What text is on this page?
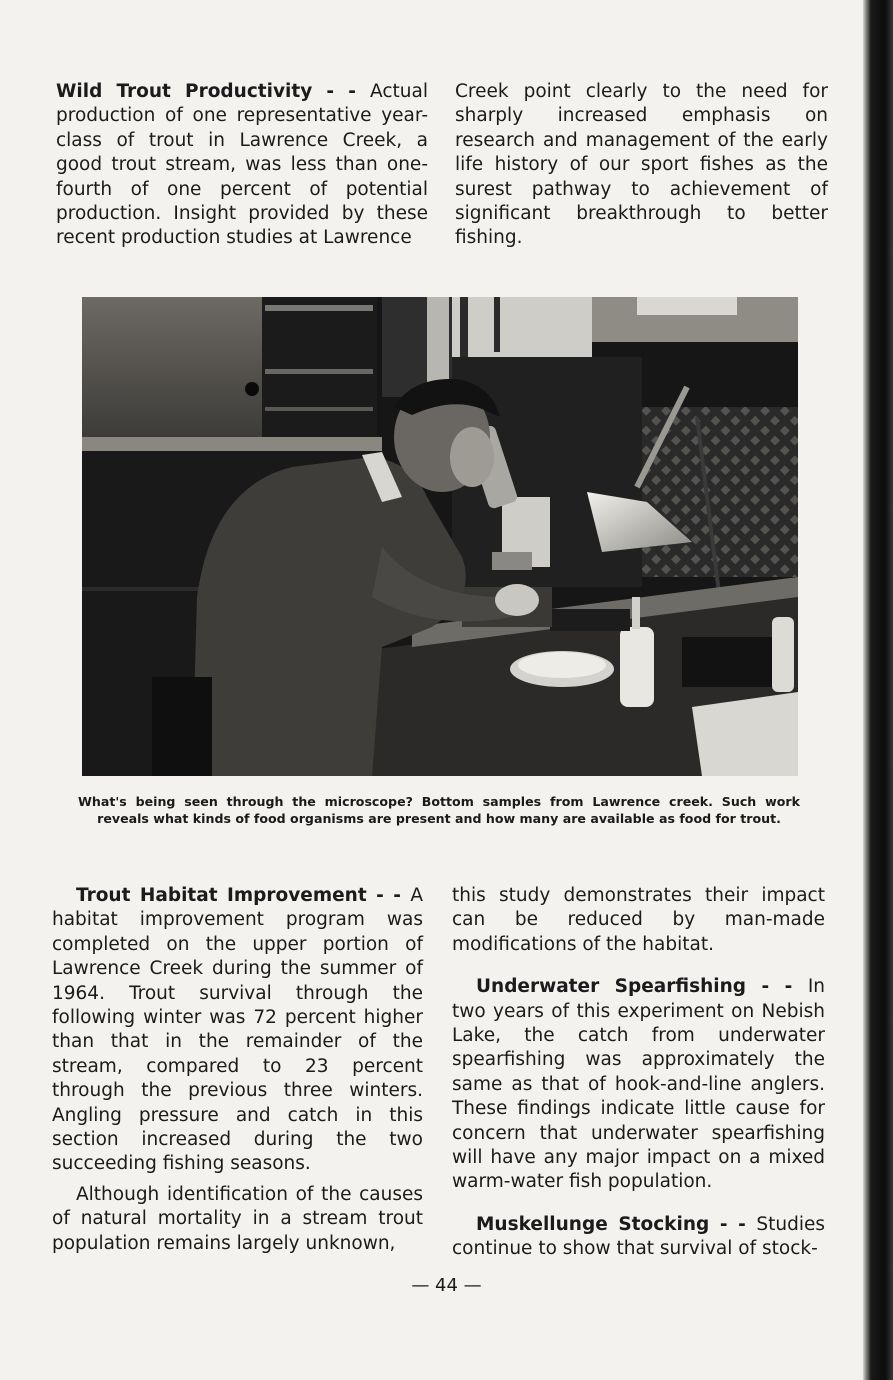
Wild Trout Productivity - - Actual production of one representative year-class of trout in Lawrence Creek, a good trout stream, was less than one-fourth of one percent of potential production. Insight provided by these recent production studies at Lawrence

Creek point clearly to the need for sharply increased emphasis on research and management of the early life history of our sport fishes as the surest pathway to achievement of significant breakthrough to better fishing.

What's being seen through the microscope? Bottom samples from Lawrence creek. Such work reveals what kinds of food organisms are present and how many are available as food for trout.

Trout Habitat Improvement - - A habitat improvement program was completed on the upper portion of Lawrence Creek during the summer of 1964. Trout survival through the following winter was 72 percent higher than that in the remainder of the stream, compared to 23 percent through the previous three winters. Angling pressure and catch in this section increased during the two succeeding fishing seasons.

Although identification of the causes of natural mortality in a stream trout population remains largely unknown,

this study demonstrates their impact can be reduced by man-made modifications of the habitat.

Underwater Spearfishing - - In two years of this experiment on Nebish Lake, the catch from underwater spearfishing was approximately the same as that of hook-and-line anglers. These findings indicate little cause for concern that underwater spearfishing will have any major impact on a mixed warm-water fish population.

Muskellunge Stocking - - Studies continue to show that survival of stock-

— 44 —
